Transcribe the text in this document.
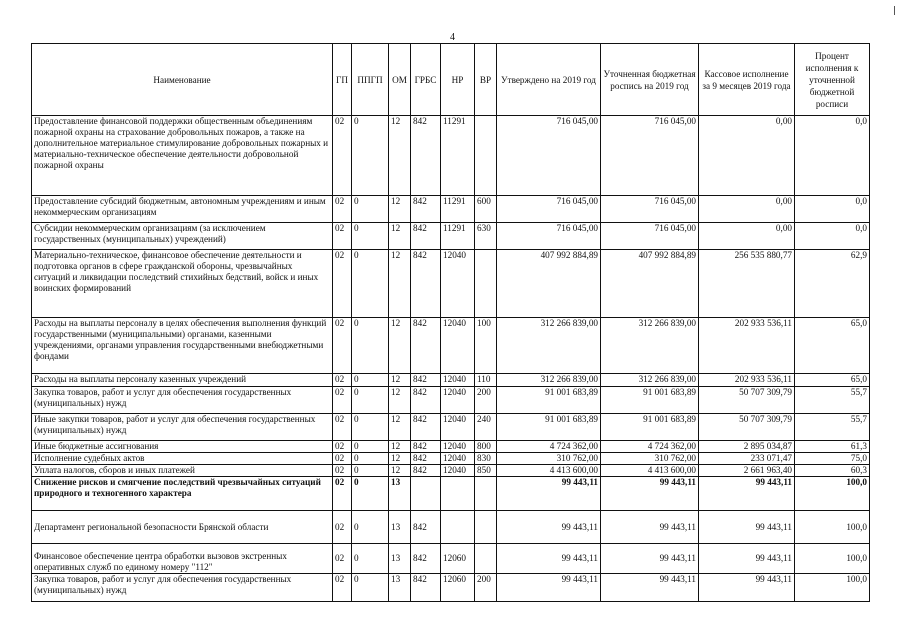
4
Наименование	ГП	ППГП	ОМ	ГРБС	НР	ВР	Утверждено на 2019 год	Уточненная бюджетная роспись на 2019 год	Кассовое исполнение за 9 месяцев 2019 года	Процент исполнения к уточненной бюджетной росписи
Предоставление финансовой поддержки общественным объединениям пожарной охраны на страхование добровольных пожаров, а также на дополнительное материальное стимулирование добровольных пожарных и материально-техническое обеспечение деятельности добровольной пожарной охраны	02	0	12	842	11291		716 045,00	716 045,00	0,00	0,0
Предоставление субсидий бюджетным, автономным учреждениям и иным некоммерческим организациям	02	0	12	842	11291	600	716 045,00	716 045,00	0,00	0,0
Субсидии некоммерческим организациям (за исключением государственных (муниципальных) учреждений)	02	0	12	842	11291	630	716 045,00	716 045,00	0,00	0,0
Материально-техническое, финансовое обеспечение деятельности и подготовка органов в сфере гражданской обороны, чрезвычайных ситуаций и ликвидации последствий стихийных бедствий, войск и иных воинских формирований	02	0	12	842	12040		407 992 884,89	407 992 884,89	256 535 880,77	62,9
Расходы на выплаты персоналу в целях обеспечения выполнения функций государственными (муниципальными) органами, казенными учреждениями, органами управления государственными внебюджетными фондами	02	0	12	842	12040	100	312 266 839,00	312 266 839,00	202 933 536,11	65,0
Расходы на выплаты персоналу казенных учреждений	02	0	12	842	12040	110	312 266 839,00	312 266 839,00	202 933 536,11	65,0
Закупка товаров, работ и услуг для обеспечения государственных (муниципальных) нужд	02	0	12	842	12040	200	91 001 683,89	91 001 683,89	50 707 309,79	55,7
Иные закупки товаров, работ и услуг для обеспечения государственных (муниципальных) нужд	02	0	12	842	12040	240	91 001 683,89	91 001 683,89	50 707 309,79	55,7
Иные бюджетные ассигнования	02	0	12	842	12040	800	4 724 362,00	4 724 362,00	2 895 034,87	61,3
Исполнение судебных актов	02	0	12	842	12040	830	310 762,00	310 762,00	233 071,47	75,0
Уплата налогов, сборов и иных платежей	02	0	12	842	12040	850	4 413 600,00	4 413 600,00	2 661 963,40	60,3
Снижение рисков и смягчение последствий чрезвычайных ситуаций природного и техногенного характера	02	0	13				99 443,11	99 443,11	99 443,11	100,0
Департамент региональной безопасности Брянской области	02	0	13	842			99 443,11	99 443,11	99 443,11	100,0
Финансовое обеспечение центра обработки вызовов экстренных оперативных служб по единому номеру "112"	02	0	13	842	12060		99 443,11	99 443,11	99 443,11	100,0
Закупка товаров, работ и услуг для обеспечения государственных (муниципальных) нужд	02	0	13	842	12060	200	99 443,11	99 443,11	99 443,11	100,0
